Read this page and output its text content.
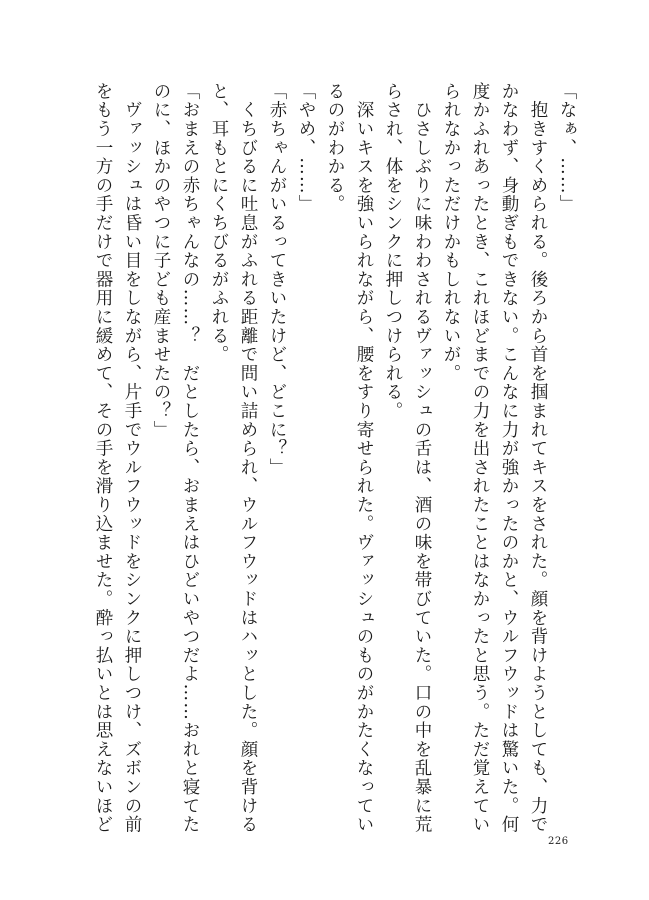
「なぁ、……」

　抱きすくめられる。後ろから首を掴まれてキスをされた。顔を背けようとしても、力で

かなわず、身動ぎもできない。こんなに力が強かったのかと、ウルフウッドは驚いた。何

度かふれあったとき、これほどまでの力を出されたことはなかったと思う。ただ覚えてい

られなかっただけかもしれないが。

　ひさしぶりに味わわされるヴァッシュの舌は、酒の味を帯びていた。口の中を乱暴に荒

らされ、体をシンクに押しつけられる。

　深いキスを強いられながら、腰をすり寄せられた。ヴァッシュのものがかたくなってい

るのがわかる。

「やめ、……」

「赤ちゃんがいるってきいたけど、どこに？」

　くちびるに吐息がふれる距離で問い詰められ、ウルフウッドはハッとした。顔を背ける

と、耳もとにくちびるがふれる。

「おまえの赤ちゃんなの……？　だとしたら、おまえはひどいやつだよ……おれと寝てた

のに、ほかのやつに子ども産ませたの？」

　ヴァッシュは昏い目をしながら、片手でウルフウッドをシンクに押しつけ、ズボンの前

をもう一方の手だけで器用に緩めて、その手を滑り込ませた。酔っ払いとは思えないほど

226
